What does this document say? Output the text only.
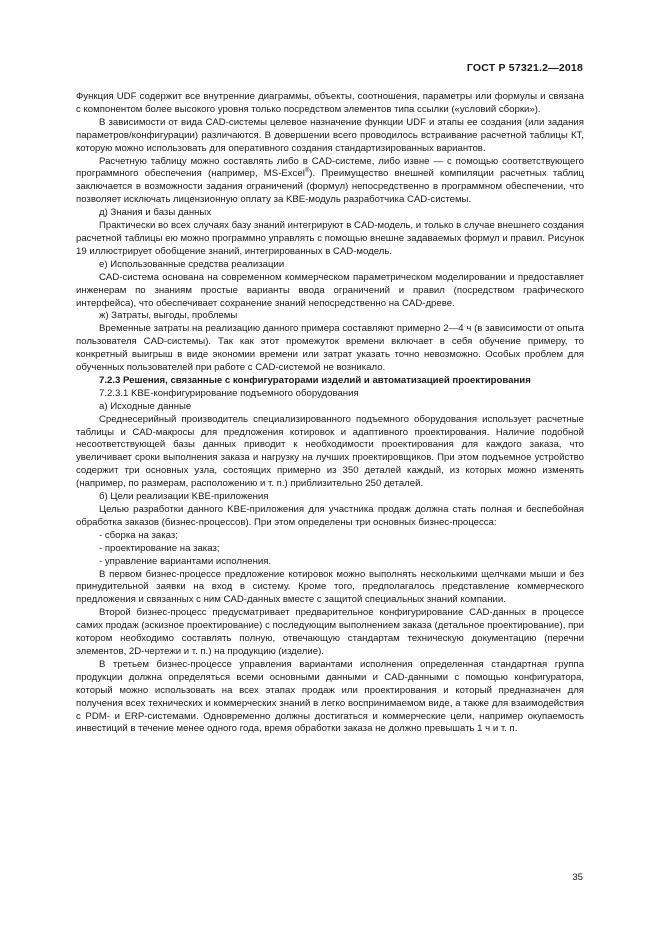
ГОСТ Р 57321.2—2018

Функция UDF содержит все внутренние диаграммы, объекты, соотношения, параметры или формулы и связана с компонентом более высокого уровня только посредством элементов типа ссылки («условий сборки»).

В зависимости от вида CAD-системы целевое назначение функции UDF и этапы ее создания (или задания параметров/конфигурации) различаются. В довершении всего проводилось встраивание расчетной таблицы КТ, которую можно использовать для оперативного создания стандартизированных вариантов.

Расчетную таблицу можно составлять либо в CAD-системе, либо извне — с помощью соответствующего программного обеспечения (например, MS-Excel®). Преимущество внешней компиляции расчетных таблиц заключается в возможности задания ограничений (формул) непосредственно в программном обеспечении, что позволяет исключать лицензионную оплату за KBE-модуль разработчика CAD-системы.

д) Знания и базы данных

Практически во всех случаях базу знаний интегрируют в CAD-модель, и только в случае внешнего создания расчетной таблицы ею можно программно управлять с помощью внешне задаваемых формул и правил. Рисунок 19 иллюстрирует обобщение знаний, интегрированных в CAD-модель.

е) Использованные средства реализации

CAD-система основана на современном коммерческом параметрическом моделировании и предоставляет инженерам по знаниям простые варианты ввода ограничений и правил (посредством графического интерфейса), что обеспечивает сохранение знаний непосредственно на CAD-древе.

ж) Затраты, выгоды, проблемы

Временные затраты на реализацию данного примера составляют примерно 2—4 ч (в зависимости от опыта пользователя CAD-системы). Так как этот промежуток времени включает в себя обучение примеру, то конкретный выигрыш в виде экономии времени или затрат указать точно невозможно. Особых проблем для обученных пользователей при работе с CAD-системой не возникало.

7.2.3 Решения, связанные с конфигураторами изделий и автоматизацией проектирования

7.2.3.1 KBE-конфигурирование подъемного оборудования

а) Исходные данные

Среднесерийный производитель специализированного подъемного оборудования использует расчетные таблицы и CAD-макросы для предложения котировок и адаптивного проектирования. Наличие подобной несоответствующей базы данных приводит к необходимости проектирования для каждого заказа, что увеличивает сроки выполнения заказа и нагрузку на лучших проектировщиков. При этом подъемное устройство содержит три основных узла, состоящих примерно из 350 деталей каждый, из которых можно изменять (например, по размерам, расположению и т. п.) приблизительно 250 деталей.

б) Цели реализации KBE-приложения

Целью разработки данного KBE-приложения для участника продаж должна стать полная и беспебойная обработка заказов (бизнес-процессов). При этом определены три основных бизнес-процесса:

- сборка на заказ;

- проектирование на заказ;

- управление вариантами исполнения.

В первом бизнес-процессе предложение котировок можно выполнять несколькими щелчками мыши и без принудительной заявки на вход в систему. Кроме того, предполагалось представление коммерческого предложения и связанных с ним CAD-данных вместе с защитой специальных знаний компании.

Второй бизнес-процесс предусматривает предварительное конфигурирование CAD-данных в процессе самих продаж (эскизное проектирование) с последующим выполнением заказа (детальное проектирование), при котором необходимо составлять полную, отвечающую стандартам техническую документацию (перечни элементов, 2D-чертежи и т. п.) на продукцию (изделие).

В третьем бизнес-процессе управления вариантами исполнения определенная стандартная группа продукции должна определяться всеми основными данными и CAD-данными с помощью конфигуратора, который можно использовать на всех этапах продаж или проектирования и который предназначен для получения всех технических и коммерческих знаний в легко воспринимаемом виде, а также для взаимодействия с PDM- и ERP-системами. Одновременно должны достигаться и коммерческие цели, например окупаемость инвестиций в течение менее одного года, время обработки заказа не должно превышать 1 ч и т. п.

35
